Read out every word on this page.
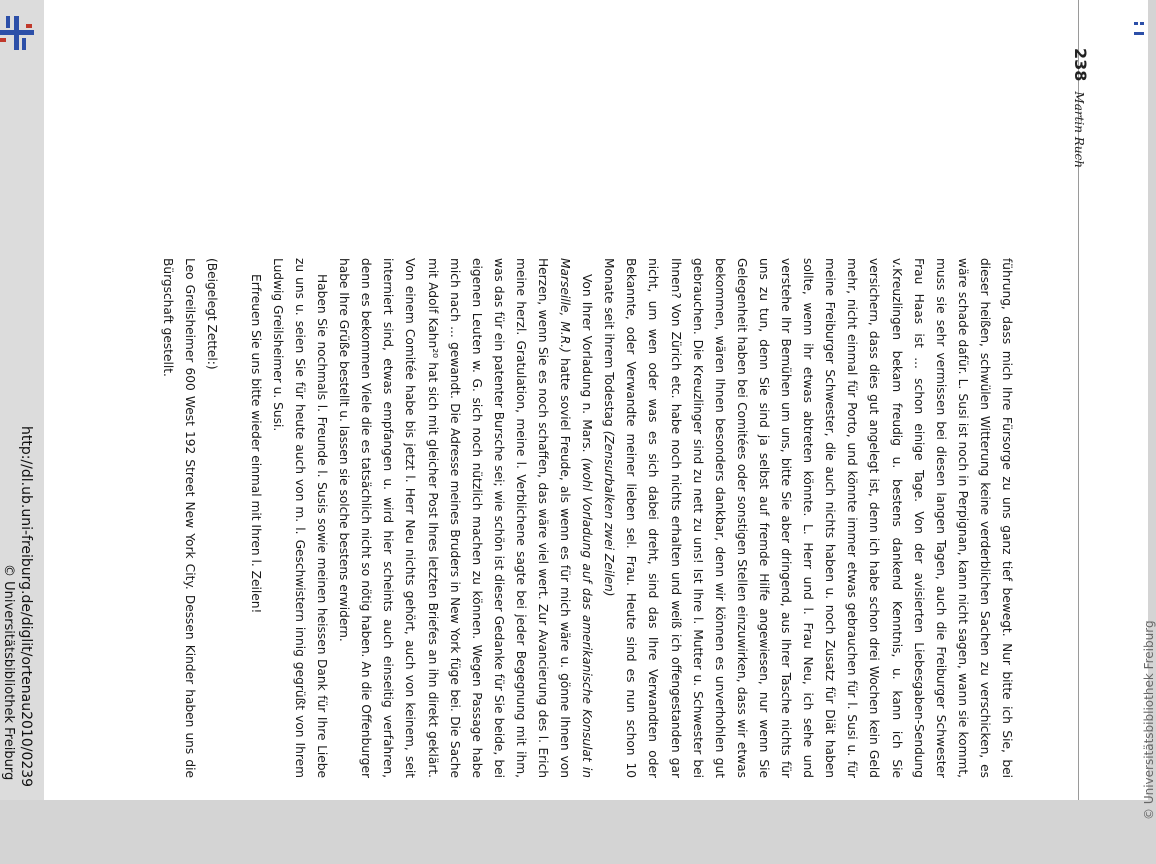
© Universitätsbibliothek Freiburg
238
Martin Ruch

führung, dass mich Ihre Fürsorge zu uns ganz tief bewegt. Nur bitte ich Sie, bei dieser heißen, schwülen Witterung keine verderblichen Sachen zu verschicken, es wäre schade dafür. L. Susi ist noch in Perpignan, kann nicht sagen, wann sie kommt, muss sie sehr vermissen bei diesen langen Tagen, auch die Freiburger Schwester Frau Haas ist ... schon einige Tage. Von der avisierten Liebesgaben-Sendung v.Kreuzlingen bekam freudig u. bestens dankend Kenntnis, u. kann ich Sie versichern, dass dies gut angelegt ist, denn ich habe schon drei Wochen kein Geld mehr, nicht einmal für Porto, und könnte immer etwas gebrauchen für l. Susi u. für meine Freiburger Schwester, die auch nichts haben u. noch Zusatz für Diät haben sollte, wenn ihr etwas abtreten könnte. L. Herr und l. Frau Neu, ich sehe und verstehe Ihr Bemühen um uns, bitte Sie aber dringend, aus Ihrer Tasche nichts für uns zu tun, denn Sie sind ja selbst auf fremde Hilfe angewiesen, nur wenn Sie Gelegenheit haben bei Comitées oder sonstigen Stellen einzuwirken, dass wir etwas bekommen, wären Ihnen besonders dankbar, denn wir können es unverhohlen gut gebrauchen. Die Kreuzlinger sind zu nett zu uns! Ist Ihre l. Mutter u. Schwester bei Ihnen? Von Zürich etc. habe noch nichts erhalten und weiß ich offengestanden gar nicht, um wen oder was es sich dabei dreht, sind das Ihre Verwandten oder Bekannte, oder Verwandte meiner lieben sel. Frau. Heute sind es nun schon 10 Monate seit ihrem Todestag (Zensurbalken zwei Zeilen)

Von Ihrer Vorladung n. Mars. (wohl Vorladung auf das amerikanische Konsulat in Marseille, M.R.) hatte soviel Freude, als wenn es für mich wäre u. gönne Ihnen von Herzen, wenn Sie es noch schaffen, das wäre viel wert. Zur Avancierung des l. Erich meine herzl. Gratulation, meine l. Verblichene sagte bei jeder Begegnung mit ihm, was das für ein patenter Bursche sei; wie schön ist dieser Gedanke für Sie beide, bei eigenen Leuten w. G. sich noch nützlich machen zu können. Wegen Passage habe mich nach ... gewandt. Die Adresse meines Bruders in New York füge bei. Die Sache mit Adolf Kahn²⁰ hat sich mit gleicher Post Ihres letzten Briefes an ihn direkt geklärt. Von einem Comitée habe bis jetzt l. Herr Neu nichts gehört, auch von keinem, seit interniert sind, etwas empfangen u. wird hier scheints auch einseitig verfahren, denn es bekommen Viele die es tatsächlich nicht so nötig haben. An die Offenburger habe Ihre Grüße bestellt u. lassen sie solche bestens erwidern.

Haben Sie nochmals l. Freunde l. Susis sowie meinen heissen Dank für Ihre Liebe zu uns u. seien Sie für heute auch von m. l. Geschwistern innig gegrüßt von Ihrem Ludwig Greilsheimer u. Susi.

Erfreuen Sie uns bitte wieder einmal mit Ihren l. Zeilen!

(Beigelegt Zettel:)

Leo Greilsheimer 600 West 192 Street New York City. Dessen Kinder haben uns die Bürgschaft gestellt.

http://dl.ub.uni-freiburg.de/diglit/ortenau2010/0239
© Universitätsbibliothek Freiburg
